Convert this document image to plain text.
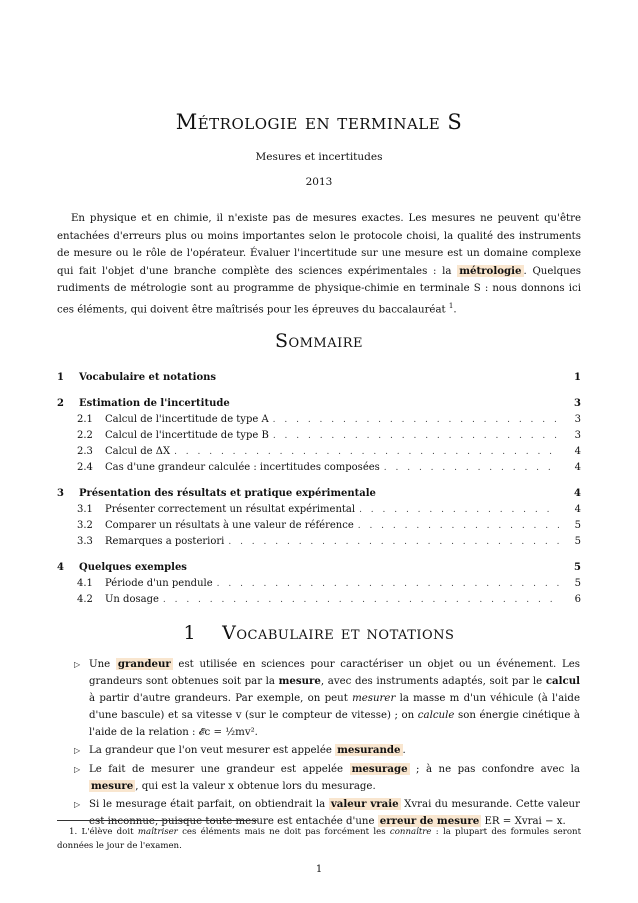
Métrologie en terminale S
Mesures et incertitudes
2013

En physique et en chimie, il n'existe pas de mesures exactes. Les mesures ne peuvent qu'être entachées d'erreurs plus ou moins importantes selon le protocole choisi, la qualité des instruments de mesure ou le rôle de l'opérateur. Évaluer l'incertitude sur une mesure est un domaine complexe qui fait l'objet d'une branche complète des sciences expérimentales : la métrologie . Quelques rudiments de métrologie sont au programme de physique-chimie en terminale S : nous donnons ici ces éléments, qui doivent être maîtrisés pour les épreuves du baccalauréat $^1$.

Sommaire
1	Vocabulaire et notations	1
2	Estimation de l'incertitude	3
2.1	Calcul de l'incertitude de type A . . .	3
2.2	Calcul de l'incertitude de type B . . .	3
2.3	Calcul de ΔX . . .	4
2.4	Cas d'une grandeur calculée : incertitudes composées . . .	4
3	Présentation des résultats et pratique expérimentale	4
3.1	Présenter correctement un résultat expérimental . . .	4
3.2	Comparer un résultats à une valeur de référence . . .	5
3.3	Remarques a posteriori . . .	5
4	Quelques exemples	5
4.1	Période d'un pendule . . .	5
4.2	Un dosage . . .	6
1 Vocabulaire et notations
▷ Une grandeur est utilisée en sciences pour caractériser un objet ou un événement. Les grandeurs sont obtenues soit par la mesure, avec des instruments adaptés, soit par le calcul à partir d'autre grandeurs. Par exemple, on peut mesurer la masse m d'un véhicule (à l'aide d'une bascule) et sa vitesse v (sur le compteur de vitesse) ; on calcule son énergie cinétique à l'aide de la relation : 𝓔c = ½mv².
▷ La grandeur que l'on veut mesurer est appelée mesurande .
▷ Le fait de mesurer une grandeur est appelée mesurage ; à ne pas confondre avec la mesure , qui est la valeur x obtenue lors du mesurage.
▷ Si le mesurage était parfait, on obtiendrait la valeur vraie Xvrai du mesurande. Cette valeur est inconnue, puisque toute mesure est entachée d'une erreur de mesure ER = Xvrai − x.

1. L'élève doit maîtriser ces éléments mais ne doit pas forcément les connaître : la plupart des formules seront données le jour de l'examen.

1
